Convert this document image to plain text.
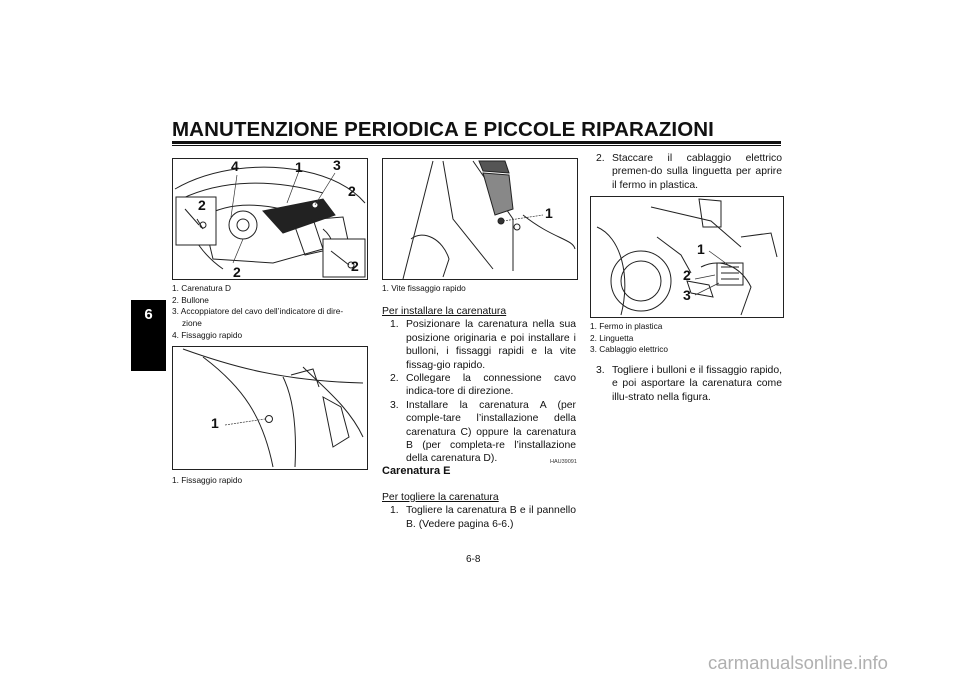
MANUTENZIONE PERIODICA E PICCOLE RIPARAZIONI
6
4	1 3
2
2
2	2
1. Carenatura D
2. Bullone
3. Accoppiatore del cavo dell’indicatore di dire-
zione
4. Fissaggio rapido
1
1. Fissaggio rapido
1
1. Vite fissaggio rapido
Per installare la carenatura
1. Posizionare la carenatura nella sua posizione originaria e poi installare i bulloni, i fissaggi rapidi e la vite fissag-gio rapido.
2. Collegare la connessione cavo indica-tore di direzione.
3. Installare la carenatura A (per comple-tare l’installazione della carenatura C) oppure la carenatura B (per completa-re l’installazione della carenatura D).	HAU39091
Carenatura E
Per togliere la carenatura
1. Togliere la carenatura B e il pannello B. (Vedere pagina 6-6.)
2. Staccare il cablaggio elettrico premen-do sulla linguetta per aprire il fermo in plastica.
1
2
3
1. Fermo in plastica
2. Linguetta
3. Cablaggio elettrico
3. Togliere i bulloni e il fissaggio rapido, e poi asportare la carenatura come illu-strato nella figura.
6-8
carmanualsonline.info
